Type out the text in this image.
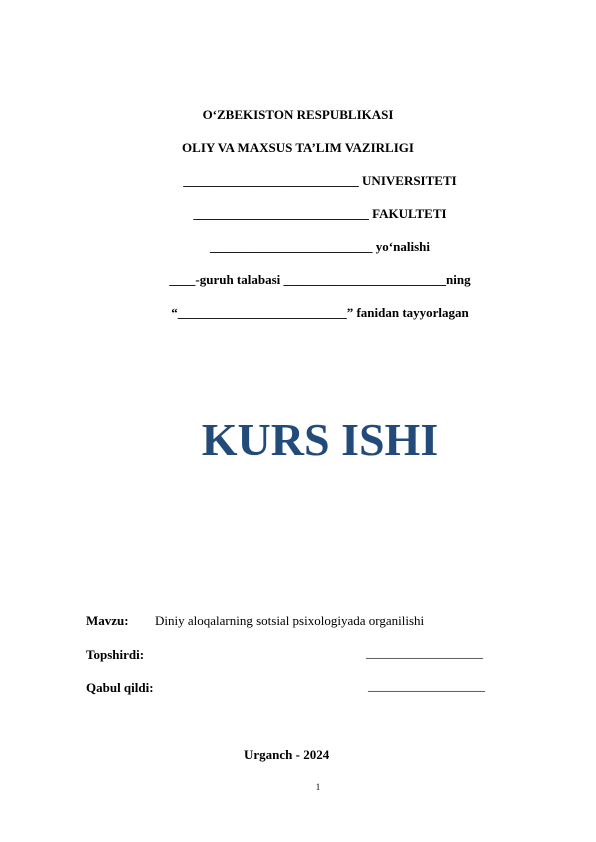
O‘ZBEKISTON RESPUBLIKASI
OLIY VA MAXSUS TA’LIM VAZIRLIGI
___________________________ UNIVERSITETI
___________________________ FAKULTETI
_________________________ yo‘nalishi
____-guruh talabasi _________________________ning
“__________________________” fanidan tayyorlagan
KURS ISHI
Mavzu: Diniy aloqalarning sotsial psixologiyada organilishi
Topshirdi:	__________________
Qabul qildi:	__________________
Urganch - 2024
1
